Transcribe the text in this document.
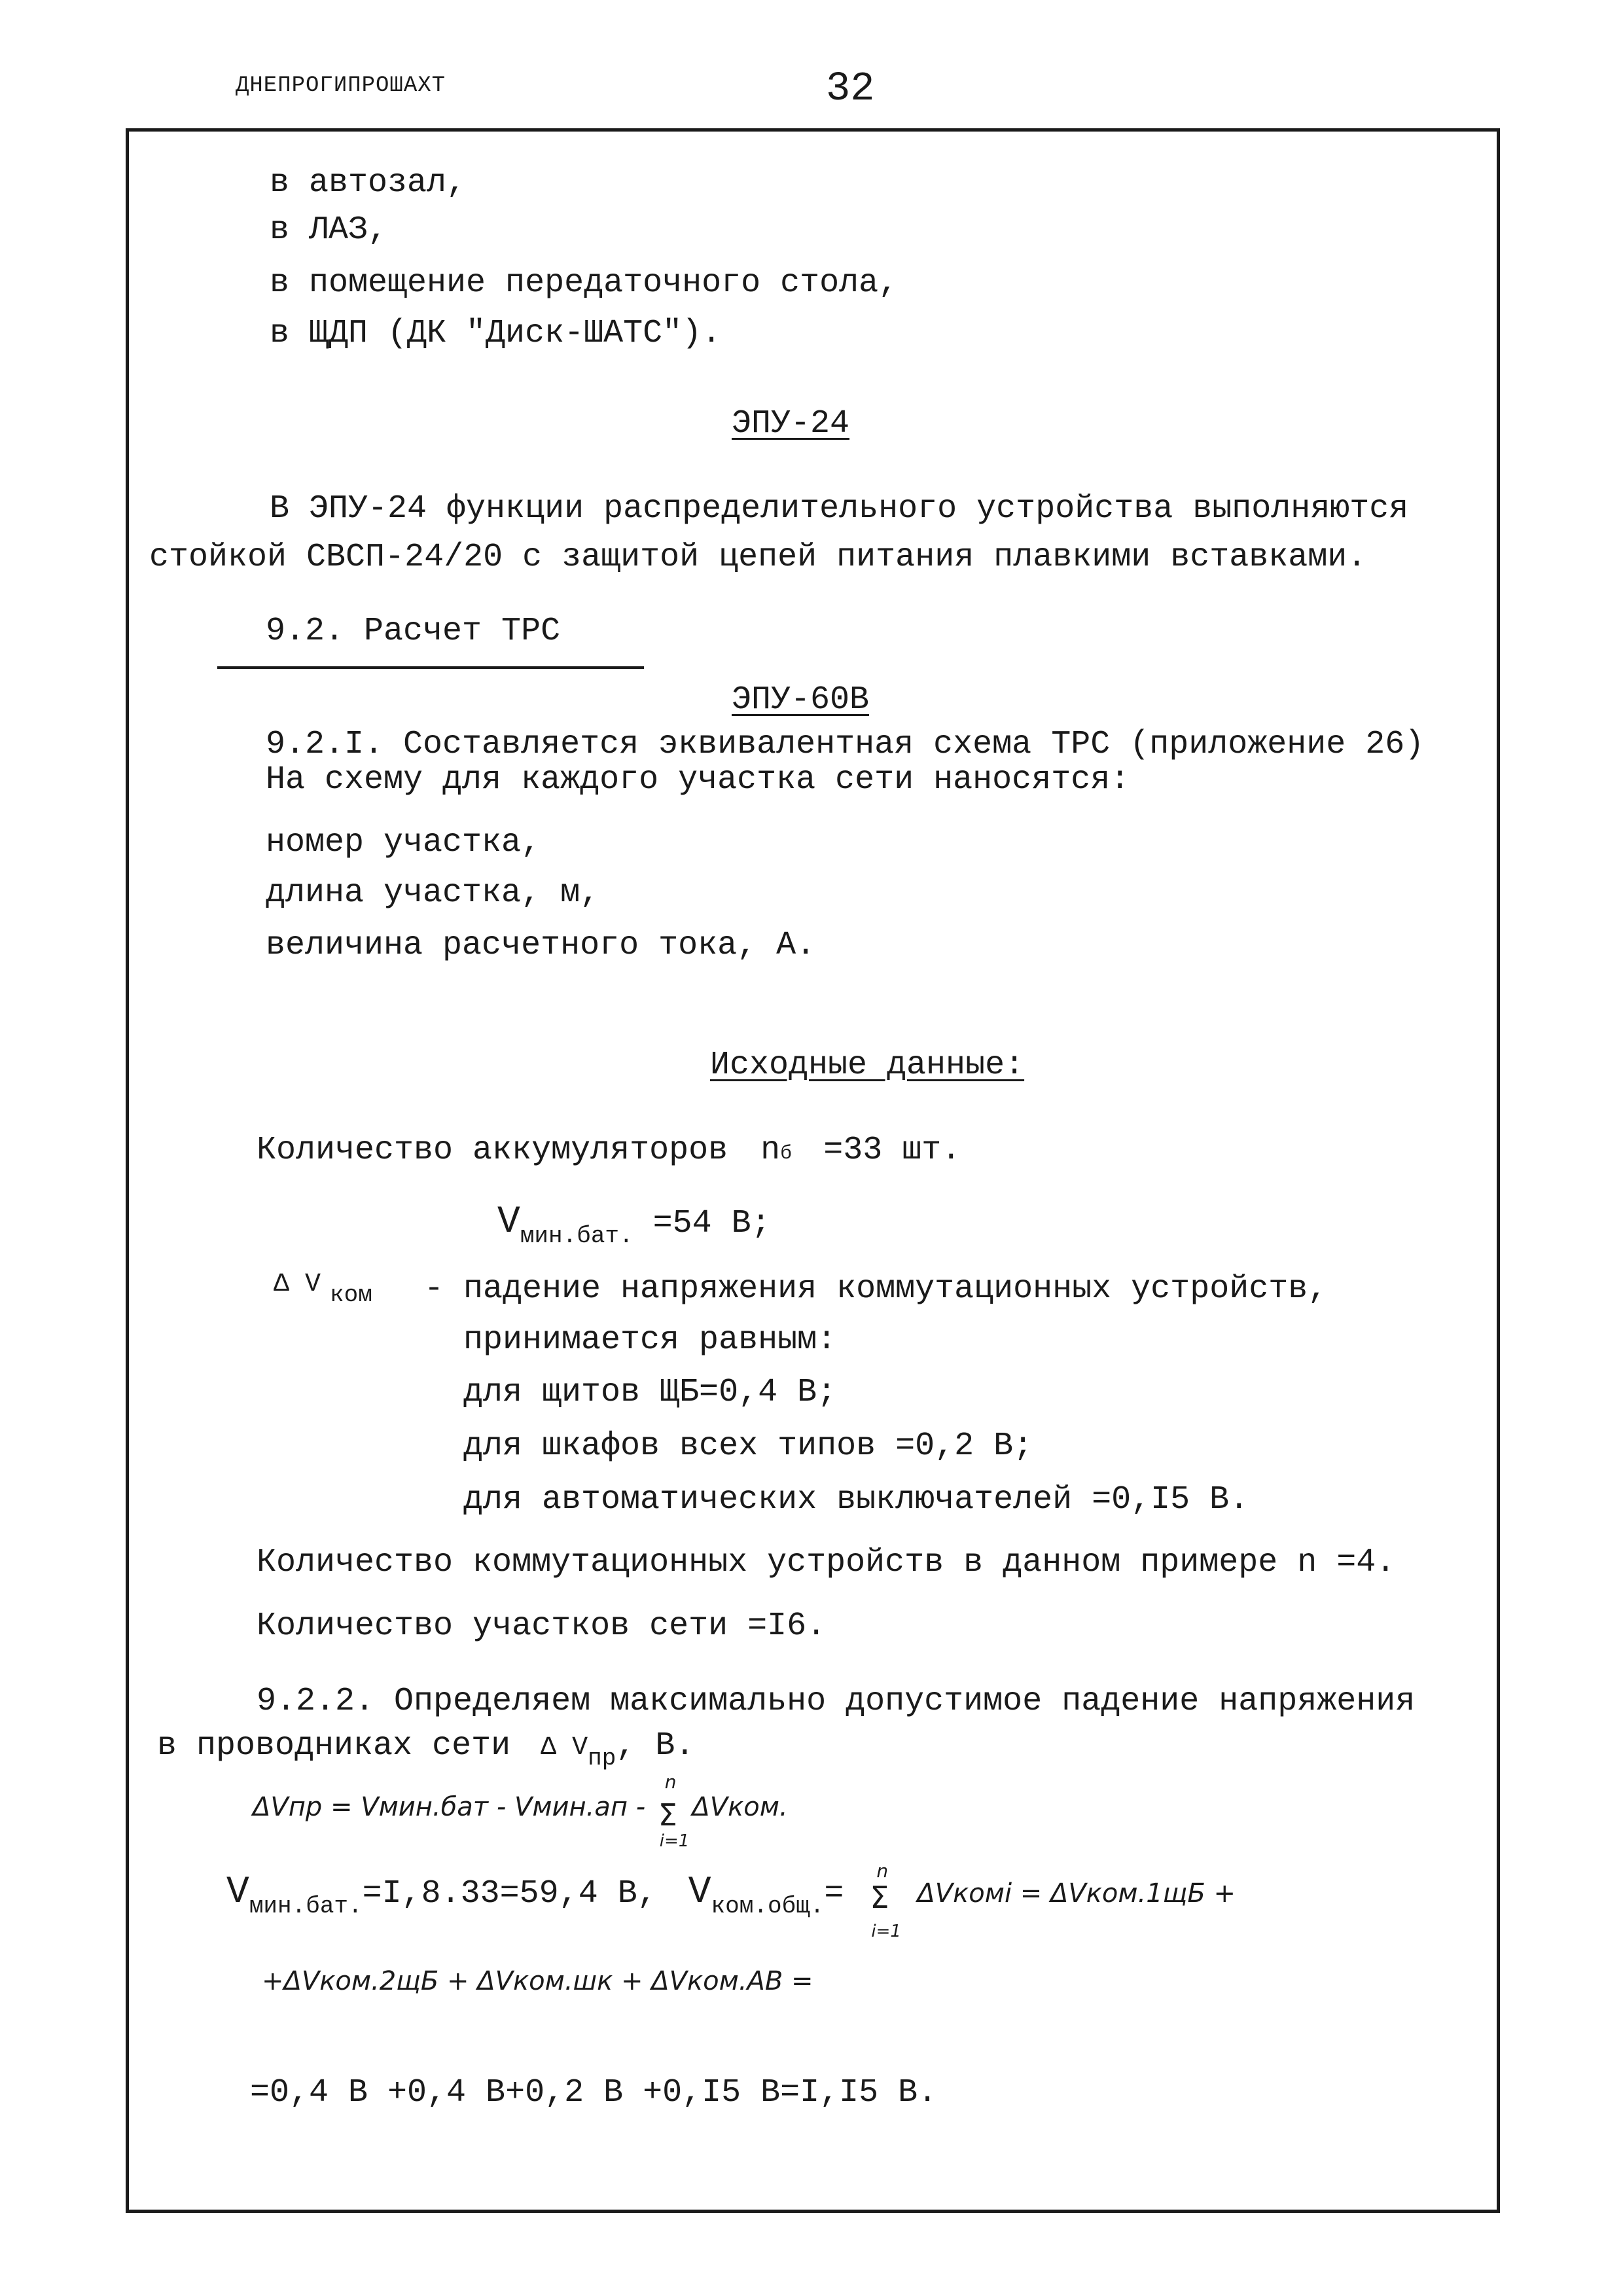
ДНЕПРОГИПРОШАХТ	32
в автозал,
в ЛАЗ,
в помещение передаточного стола,
в ЩДП (ДК "Диск-ШАТС").
ЭПУ-24
В ЭПУ-24 функции распределительного устройства выполняются
стойкой СВСП-24/20 с защитой цепей питания плавкими вставками.
9.2. Расчет ТРС
ЭПУ-60В
9.2.I. Составляется эквивалентная схема ТРС (приложение 26)
На схему для каждого участка сети наносятся:
номер участка,
длина участка, м,
величина расчетного тока, А.
Исходные данные:
Количество аккумуляторов nб =33 шт.
$V_{мин.бат.} =54$ В;
Δ V $_{ком}$ - падение напряжения коммутационных устройств,
принимается равным:
для щитов ЩБ=0,4 В;
для шкафов всех типов =0,2 В;
для автоматических выключателей =0,I5 В.
Количество коммутационных устройств в данном примере n =4.
Количество участков сети =I6.
9.2.2. Определяем максимально допустимое падение напряжения
в проводниках сети Δ $V_{пр}$, В.
ΔVпр = Vмин.бат - Vмин.ап -
n
Σ
i=1
ΔVком.
$V_{мин.бат.}=I,8.33=59,4$ В, $V_{ком.общ.}=$
n
Σ
i=1
ΔVкомi = ΔVком.1щБ +
+ΔVком.2щБ + ΔVком.шк + ΔVком.АВ =
=0,4 В +0,4 В+0,2 В +0,I5 В=I,I5 В.
